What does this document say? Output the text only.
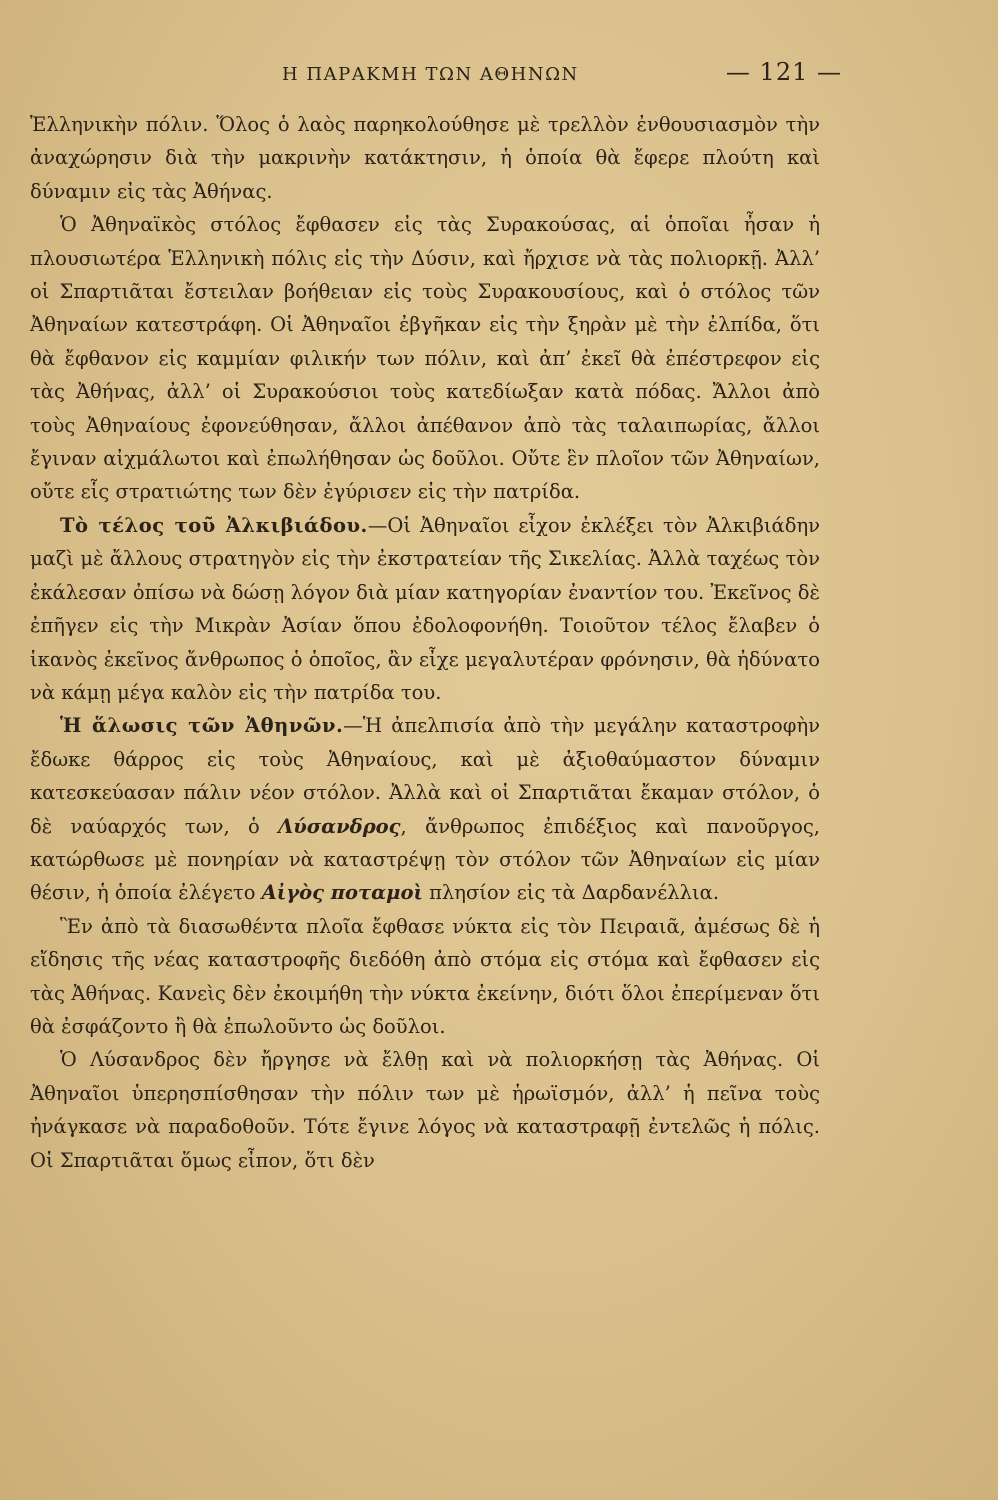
Η ΠΑΡΑΚΜΗ ΤΩΝ ΑΘΗΝΩΝ	— 121 —

Ἑλληνικὴν πόλιν. Ὅλος ὁ λαὸς παρηκολούθησε μὲ τρελλὸν ἐνθουσιασμὸν τὴν ἀναχώρησιν διὰ τὴν μακρινὴν κατάκτησιν, ἡ ὁποία θὰ ἔφερε πλούτη καὶ δύναμιν εἰς τὰς Ἀθήνας.

Ὁ Ἀθηναϊκὸς στόλος ἔφθασεν εἰς τὰς Συρακούσας, αἱ ὁποῖαι ἦσαν ἡ πλουσιωτέρα Ἑλληνικὴ πόλις εἰς τὴν Δύσιν, καὶ ἤρχισε νὰ τὰς πολιορκῇ. Ἀλλ’ οἱ Σπαρτιᾶται ἔστειλαν βοήθειαν εἰς τοὺς Συρακουσίους, καὶ ὁ στόλος τῶν Ἀθηναίων κατεστράφη. Οἱ Ἀθηναῖοι ἐβγῆκαν εἰς τὴν ξηρὰν μὲ τὴν ἐλπίδα, ὅτι θὰ ἔφθανον εἰς καμμίαν φιλικήν των πόλιν, καὶ ἀπ’ ἐκεῖ θὰ ἐπέστρεφον εἰς τὰς Ἀθήνας, ἀλλ’ οἱ Συρακούσιοι τοὺς κατεδίωξαν κατὰ πόδας. Ἄλλοι ἀπὸ τοὺς Ἀθηναίους ἐφονεύθησαν, ἄλλοι ἀπέθανον ἀπὸ τὰς ταλαιπωρίας, ἄλλοι ἔγιναν αἰχμάλωτοι καὶ ἐπωλήθησαν ὡς δοῦλοι. Οὔτε ἓν πλοῖον τῶν Ἀθηναίων, οὔτε εἷς στρατιώτης των δὲν ἐγύρισεν εἰς τὴν πατρίδα.

Τὸ τέλος τοῦ Ἀλκιβιάδου.—Οἱ Ἀθηναῖοι εἶχον ἐκλέξει τὸν Ἀλκιβιάδην μαζὶ μὲ ἄλλους στρατηγὸν εἰς τὴν ἐκστρατείαν τῆς Σικελίας. Ἀλλὰ ταχέως τὸν ἐκάλεσαν ὀπίσω νὰ δώσῃ λόγον διὰ μίαν κατηγορίαν ἐναντίον του. Ἐκεῖνος δὲ ἐπῆγεν εἰς τὴν Μικρὰν Ἀσίαν ὅπου ἐδολοφονήθη. Τοιοῦτον τέλος ἔλαβεν ὁ ἱκανὸς ἐκεῖνος ἄνθρωπος ὁ ὁποῖος, ἂν εἶχε μεγαλυτέραν φρόνησιν, θὰ ἠδύνατο νὰ κάμῃ μέγα καλὸν εἰς τὴν πατρίδα του.

Ἡ ἅλωσις τῶν Ἀθηνῶν.—Ἡ ἀπελπισία ἀπὸ τὴν μεγάλην καταστροφὴν ἔδωκε θάρρος εἰς τοὺς Ἀθηναίους, καὶ μὲ ἀξιοθαύμαστον δύναμιν κατεσκεύασαν πάλιν νέον στόλον. Ἀλλὰ καὶ οἱ Σπαρτιᾶται ἔκαμαν στόλον, ὁ δὲ ναύαρχός των, ὁ Λύσανδρος, ἄνθρωπος ἐπιδέξιος καὶ πανοῦργος, κατώρθωσε μὲ πονηρίαν νὰ καταστρέψῃ τὸν στόλον τῶν Ἀθηναίων εἰς μίαν θέσιν, ἡ ὁποία ἐλέγετο Αἰγὸς ποταμοὶ πλησίον εἰς τὰ Δαρδανέλλια.

Ἓν ἀπὸ τὰ διασωθέντα πλοῖα ἔφθασε νύκτα εἰς τὸν Πειραιᾶ, ἀμέσως δὲ ἡ εἴδησις τῆς νέας καταστροφῆς διεδόθη ἀπὸ στόμα εἰς στόμα καὶ ἔφθασεν εἰς τὰς Ἀθήνας. Κανεὶς δὲν ἐκοιμήθη τὴν νύκτα ἐκείνην, διότι ὅλοι ἐπερίμεναν ὅτι θὰ ἐσφάζοντο ἢ θὰ ἐπωλοῦντο ὡς δοῦλοι.

Ὁ Λύσανδρος δὲν ἤργησε νὰ ἔλθῃ καὶ νὰ πολιορκήσῃ τὰς Ἀθήνας. Οἱ Ἀθηναῖοι ὑπερησπίσθησαν τὴν πόλιν των μὲ ἡρωϊσμόν, ἀλλ’ ἡ πεῖνα τοὺς ἠνάγκασε νὰ παραδοθοῦν. Τότε ἔγινε λόγος νὰ καταστραφῇ ἐντελῶς ἡ πόλις. Οἱ Σπαρτιᾶται ὅμως εἶπον, ὅτι δὲν
